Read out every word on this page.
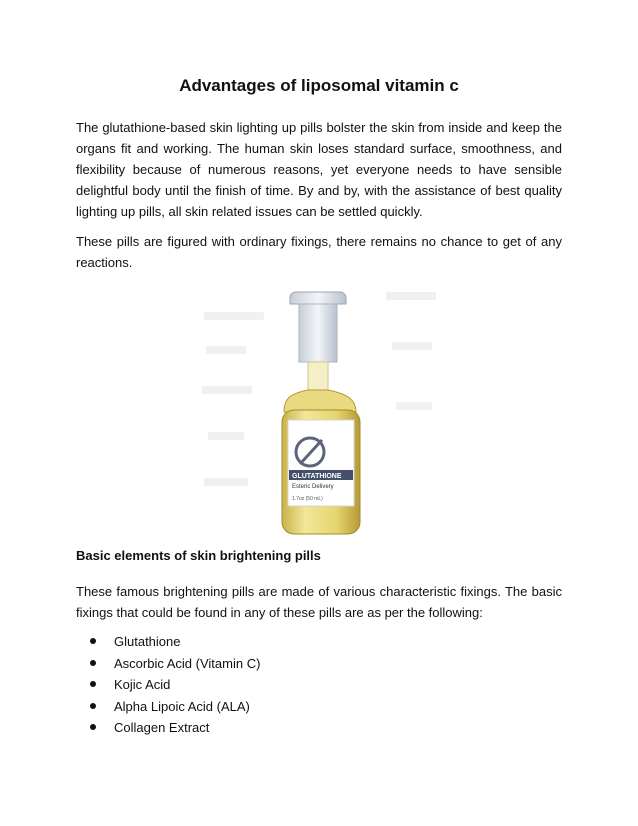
Advantages of liposomal vitamin c

The glutathione-based skin lighting up pills bolster the skin from inside and keep the organs fit and working. The human skin loses standard surface, smoothness, and flexibility because of numerous reasons, yet everyone needs to have sensible delightful body until the finish of time. By and by, with the assistance of best quality lighting up pills, all skin related issues can be settled quickly.

These pills are figured with ordinary fixings, there remains no chance to get of any reactions.

GLUTATHIONE
Esteric Delivery
1.7oz (50 mL)
Basic elements of skin brightening pills

These famous brightening pills are made of various characteristic fixings. The basic fixings that could be found in any of these pills are as per the following:

Glutathione
Ascorbic Acid (Vitamin C)
Kojic Acid
Alpha Lipoic Acid (ALA)
Collagen Extract
